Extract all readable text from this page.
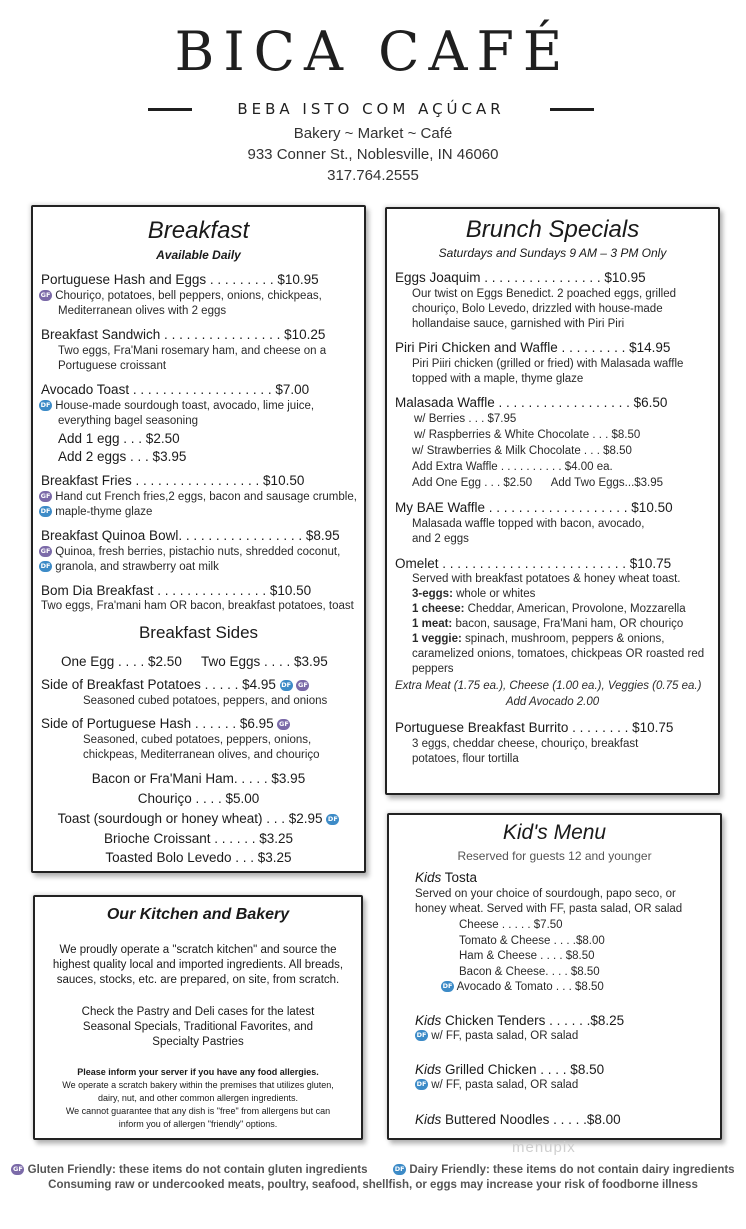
BICA CAFÉ
BEBA ISTO COM AÇÚCAR
Bakery ~ Market ~ Café
933 Conner St., Noblesville, IN 46060
317.764.2555
Breakfast
Available Daily
Portuguese Hash and Eggs . . . . . . . . . $10.95
GF Chouriço, potatoes, bell peppers, onions, chickpeas,
Mediterranean olives with 2 eggs
Breakfast Sandwich . . . . . . . . . . . . . . . . $10.25
Two eggs, Fra'Mani rosemary ham, and cheese on a
Portuguese croissant
Avocado Toast . . . . . . . . . . . . . . . . . . . $7.00
DF House-made sourdough toast, avocado, lime juice,
everything bagel seasoning
Add 1 egg . . . $2.50
Add 2 eggs . . . $3.95
Breakfast Fries . . . . . . . . . . . . . . . . . $10.50
GF Hand cut French fries,2 eggs, bacon and sausage crumble,
DF maple-thyme glaze
Breakfast Quinoa Bowl. . . . . . . . . . . . . . . . . $8.95
GF Quinoa, fresh berries, pistachio nuts, shredded coconut,
DF granola, and strawberry oat milk
Bom Dia Breakfast . . . . . . . . . . . . . . . $10.50
Two eggs, Fra'mani ham OR bacon, breakfast potatoes, toast
Breakfast Sides
One Egg . . . . $2.50 Two Eggs . . . . $3.95
Side of Breakfast Potatoes . . . . . $4.95 DF GF
Seasoned cubed potatoes, peppers, and onions
Side of Portuguese Hash . . . . . . $6.95 GF
Seasoned, cubed potatoes, peppers, onions,
chickpeas, Mediterranean olives, and chouriço
Bacon or Fra'Mani Ham. . . . . $3.95
Chouriço . . . . $5.00
Toast (sourdough or honey wheat) . . . $2.95 DF
Brioche Croissant . . . . . . $3.25
Toasted Bolo Levedo . . . $3.25
Brunch Specials
Saturdays and Sundays 9 AM – 3 PM Only
Eggs Joaquim . . . . . . . . . . . . . . . . $10.95
Our twist on Eggs Benedict. 2 poached eggs, grilled
chouriço, Bolo Levedo, drizzled with house-made
hollandaise sauce, garnished with Piri Piri
Piri Piri Chicken and Waffle . . . . . . . . . $14.95
Piri Piiri chicken (grilled or fried) with Malasada waffle
topped with a maple, thyme glaze
Malasada Waffle . . . . . . . . . . . . . . . . . . $6.50
w/ Berries . . . $7.95
w/ Raspberries & White Chocolate . . . $8.50
w/ Strawberries & Milk Chocolate . . . $8.50
Add Extra Waffle . . . . . . . . . . $4.00 ea.
Add One Egg . . . $2.50      Add Two Eggs...$3.95
My BAE Waffle . . . . . . . . . . . . . . . . . . . $10.50
Malasada waffle topped with bacon, avocado,
and 2 eggs
Omelet . . . . . . . . . . . . . . . . . . . . . . . . . $10.75
Served with breakfast potatoes & honey wheat toast.
3-eggs: whole or whites
1 cheese: Cheddar, American, Provolone, Mozzarella
1 meat: bacon, sausage, Fra'Mani ham, OR chouriço
1 veggie: spinach, mushroom, peppers & onions,
caramelized onions, tomatoes, chickpeas OR roasted red
peppers
Extra Meat (1.75 ea.), Cheese (1.00 ea.), Veggies (0.75 ea.)
Add Avocado 2.00
Portuguese Breakfast Burrito . . . . . . . . $10.75
3 eggs, cheddar cheese, chouriço, breakfast
potatoes, flour tortilla
Kid's Menu
Reserved for guests 12 and younger
Kids Tosta
Served on your choice of sourdough, papo seco, or
honey wheat. Served with FF, pasta salad, OR salad
Cheese . . . . . $7.50
Tomato & Cheese . . . .$8.00
Ham & Cheese . . . . $8.50
Bacon & Cheese. . . . $8.50
DF Avocado & Tomato . . . $8.50
Kids Chicken Tenders . . . . . .$8.25
DF w/ FF, pasta salad, OR salad
Kids Grilled Chicken . . . . $8.50
DF w/ FF, pasta salad, OR salad
Kids Buttered Noodles . . . . .$8.00
Our Kitchen and Bakery
We proudly operate a "scratch kitchen" and source the
highest quality local and imported ingredients. All breads,
sauces, stocks, etc. are prepared, on site, from scratch.
Check the Pastry and Deli cases for the latest
Seasonal Specials, Traditional Favorites, and
Specialty Pastries
Please inform your server if you have any food allergies.
We operate a scratch bakery within the premises that utilizes gluten,
dairy, nut, and other common allergen ingredients.
We cannot guarantee that any dish is "free" from allergens but can
inform you of allergen "friendly" options.
menupix
GF Gluten Friendly: these items do not contain gluten ingredients	DF Dairy Friendly: these items do not contain dairy ingredients
Consuming raw or undercooked meats, poultry, seafood, shellfish, or eggs may increase your risk of foodborne illness
